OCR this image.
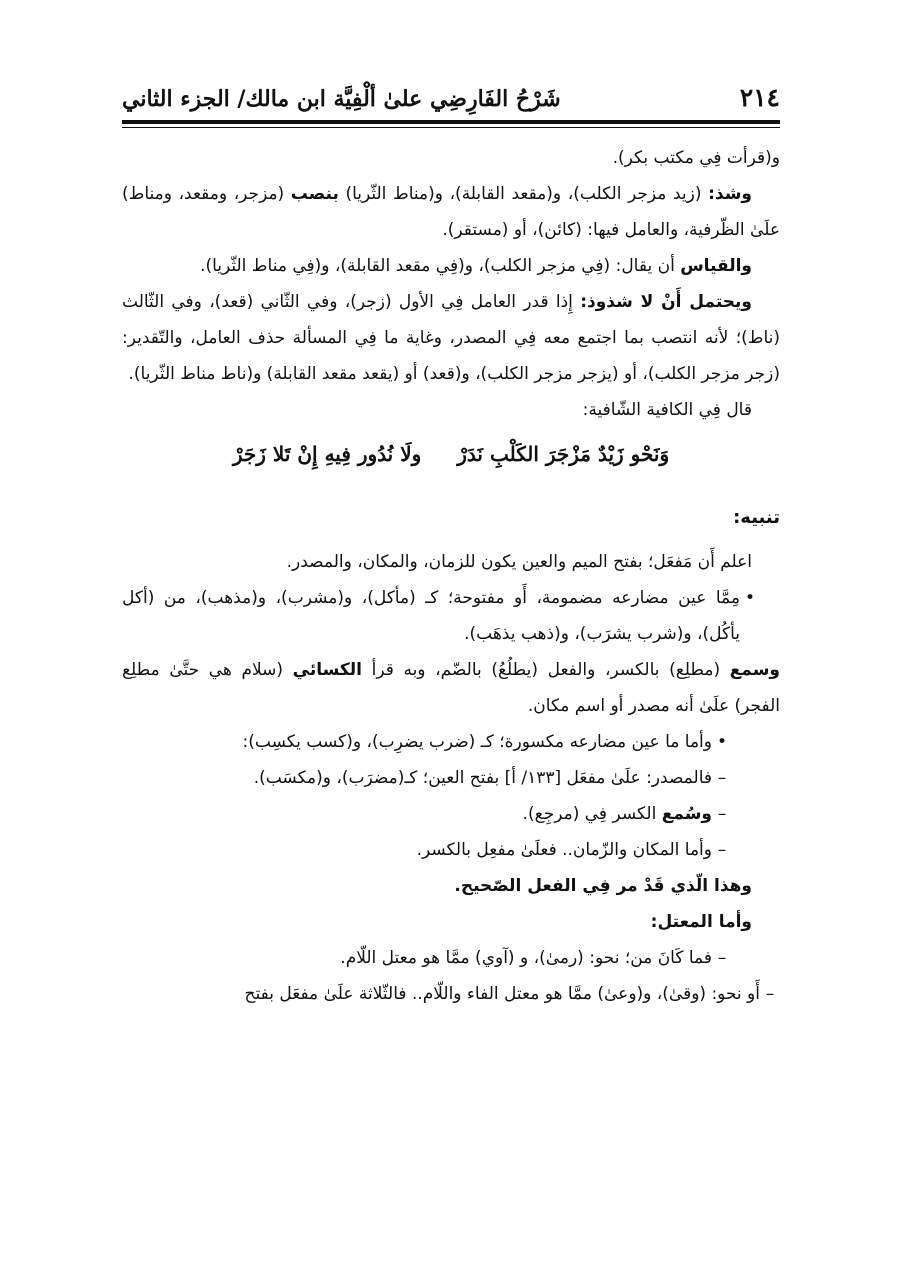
٢١٤
شَرْحُ الفَارِضِي علىٰ ألْفِيَّة ابن مالك/ الجزء الثاني

و(قرأت فِي مكتب بكر).

وشذ: (زيد مزجر الكلب)، و(مقعد القابلة)، و(مناط الثّريا) بنصب (مزجر، ومقعد، ومناط) علَىٰ الظّرفية، والعامل فيها: (كائن)، أو (مستقر).

والقياس أن يقال: (فِي مزجر الكلب)، و(فِي مقعد القابلة)، و(فِي مناط الثّريا).

ويحتمل أَنْ لا شذوذ: إِذا قدر العامل فِي الأول (زجر)، وفي الثّاني (قعد)، وفي الثّالث (ناط)؛ لأنه انتصب بما اجتمع معه فِي المصدر، وغاية ما فِي المسألة حذف العامل، والتّقدير: (زجر مزجر الكلب)، أو (يزجر مزجر الكلب)، و(قعد) أو (يقعد مقعد القابلة) و(ناط مناط الثّريا).

قال فِي الكافية الشّافية:

وَنَحْو زَيْدٌ مَزْجَرَ الكَلْبِ نَدَرْ
ولَا نُدُور فِيهِ إِنْ تَلا زَجَرْ

تنبيه:

اعلم أَن مَفعَل؛ بفتح الميم والعين يكون للزمان، والمكان، والمصدر.

•
مِمَّا عين مضارعه مضمومة، أَو مفتوحة؛ كـ (مأكل)، و(مشرب)، و(مذهب)، من (أكل يأكُل)، و(شرب يشرَب)، و(ذهب يذهَب).

وسمع (مطلِع) بالكسر، والفعل (يطلُعُ) بالضّم، وبه قرأ الكسائي (سلام هي حتَّىٰ مطلِع الفجر) علَىٰ أنه مصدر أو اسم مكان.

•
وأما ما عين مضارعه مكسورة؛ كـ (ضرب يضرِب)، و(كسب يكسِب):
–
فالمصدر: علَىٰ مفعَل [١٣٣/ أ] بفتح العين؛ كـ(مضرَب)، و(مكسَب).
–
وسُمع الكسر فِي (مرجِع).
–
وأما المكان والزّمان.. فعلَىٰ مفعِل بالكسر.

وهذا الّذي قَدْ مر فِي الفعل الصّحيح.

وأما المعتل:

–
فما كَانَ من؛ نحو: (رمىٰ)، و (آوي) ممَّا هو معتل اللّام.
–
أَو نحو: (وقىٰ)، و(وعىٰ) ممَّا هو معتل الفاء واللّام.. فالثّلاثة علَىٰ مفعَل بفتح
